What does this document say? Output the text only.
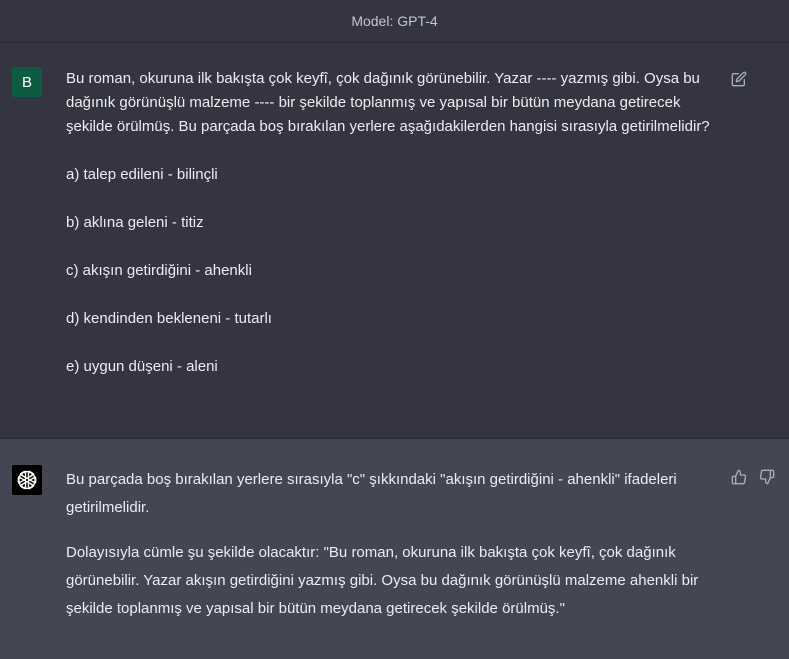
Model: GPT-4
B Bu roman, okuruna ilk bakışta çok keyfî, çok dağınık görünebilir. Yazar ---- yazmış gibi. Oysa bu dağınık görünüşlü malzeme ---- bir şekilde toplanmış ve yapısal bir bütün meydana getirecek şekilde örülmüş. Bu parçada boş bırakılan yerlere aşağıdakilerden hangisi sırasıyla getirilmelidir?

a) talep edileni - bilinçli

b) aklına geleni - titiz

c) akışın getirdiğini - ahenkli

d) kendinden bekleneni - tutarlı

e) uygun düşeni - aleni

Bu parçada boş bırakılan yerlere sırasıyla "c" şıkkındaki "akışın getirdiğini - ahenkli" ifadeleri getirilmelidir.

Dolayısıyla cümle şu şekilde olacaktır: "Bu roman, okuruna ilk bakışta çok keyfî, çok dağınık görünebilir. Yazar akışın getirdiğini yazmış gibi. Oysa bu dağınık görünüşlü malzeme ahenkli bir şekilde toplanmış ve yapısal bir bütün meydana getirecek şekilde örülmüş."
